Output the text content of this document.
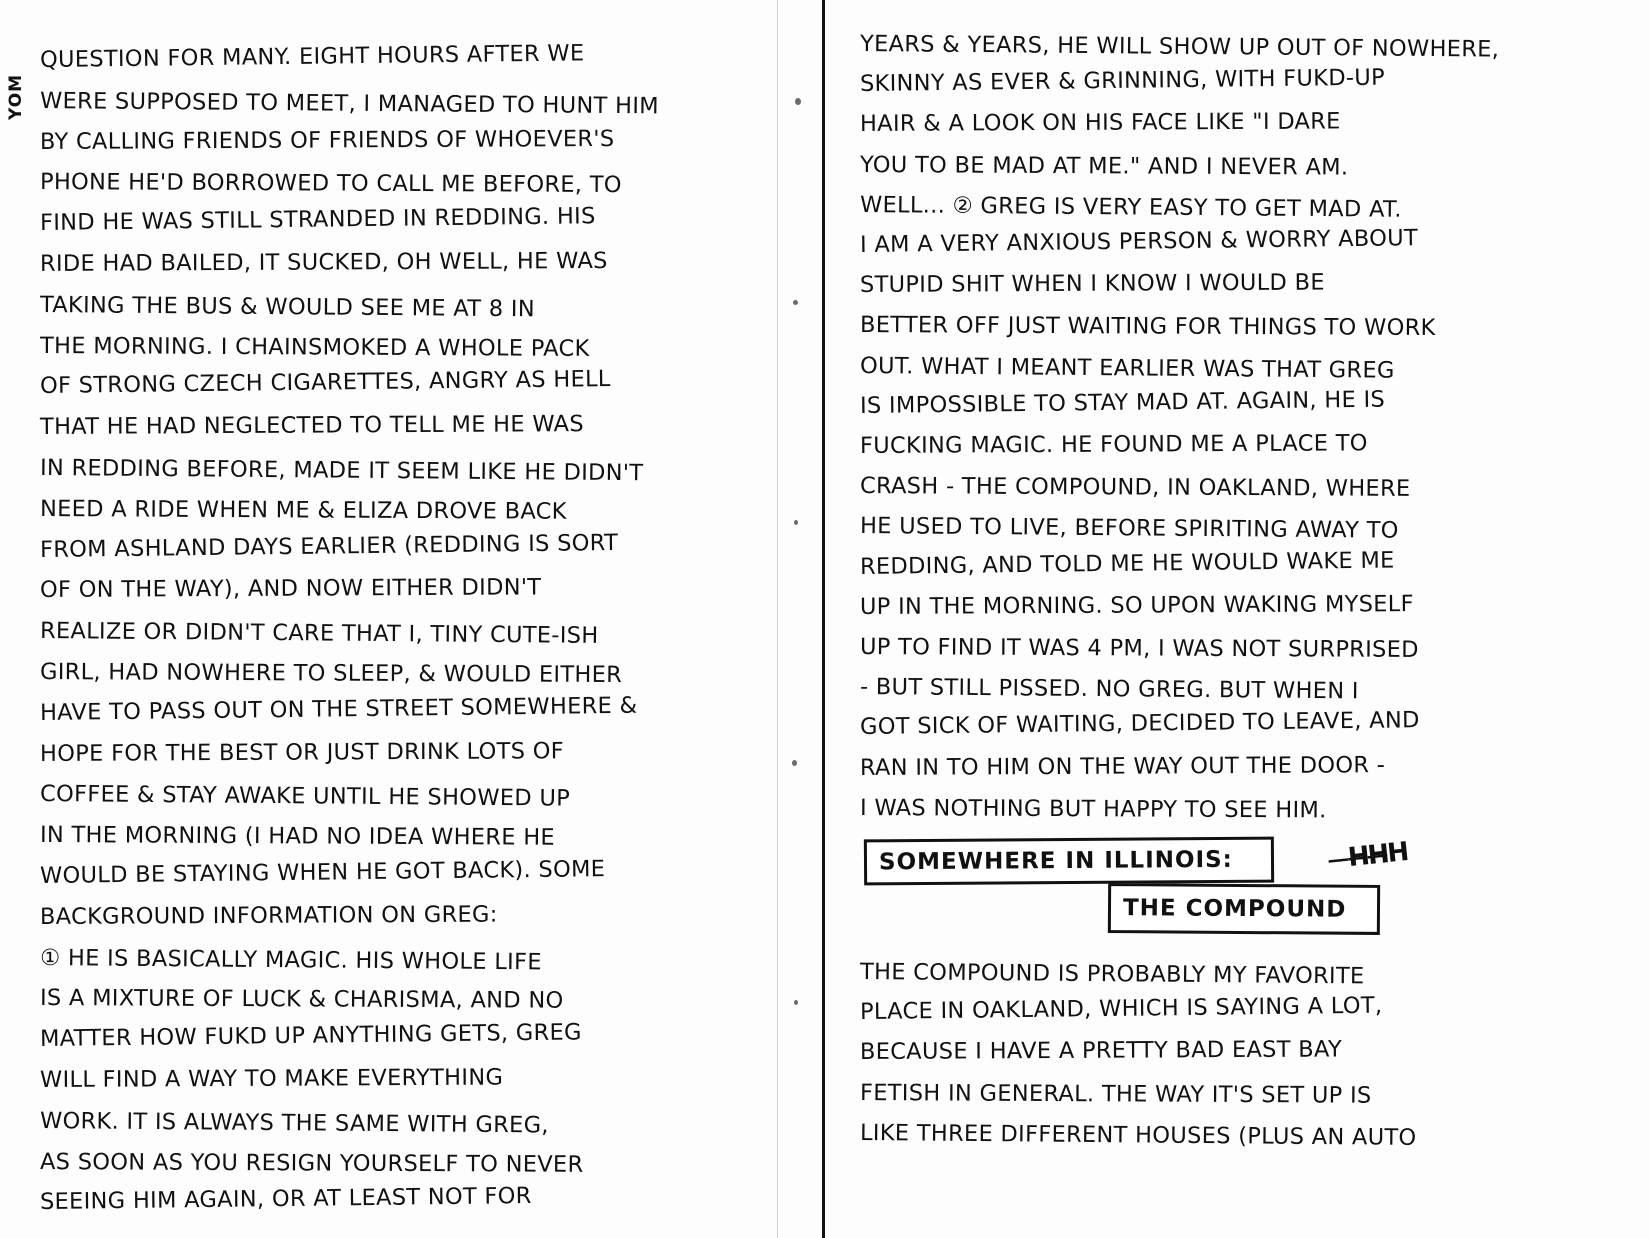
YOM
QUESTION FOR MANY. EIGHT HOURS AFTER WE
WERE SUPPOSED TO MEET, I MANAGED TO HUNT HIM
BY CALLING FRIENDS OF FRIENDS OF WHOEVER'S
PHONE HE'D BORROWED TO CALL ME BEFORE, TO
FIND HE WAS STILL STRANDED IN REDDING. HIS
RIDE HAD BAILED, IT SUCKED, OH WELL, HE WAS
TAKING THE BUS & WOULD SEE ME AT 8 IN
THE MORNING. I CHAINSMOKED A WHOLE PACK
OF STRONG CZECH CIGARETTES, ANGRY AS HELL
THAT HE HAD NEGLECTED TO TELL ME HE WAS
IN REDDING BEFORE, MADE IT SEEM LIKE HE DIDN'T
NEED A RIDE WHEN ME & ELIZA DROVE BACK
FROM ASHLAND DAYS EARLIER (REDDING IS SORT
OF ON THE WAY), AND NOW EITHER DIDN'T
REALIZE OR DIDN'T CARE THAT I, TINY CUTE-ISH
GIRL, HAD NOWHERE TO SLEEP, & WOULD EITHER
HAVE TO PASS OUT ON THE STREET SOMEWHERE &
HOPE FOR THE BEST OR JUST DRINK LOTS OF
COFFEE & STAY AWAKE UNTIL HE SHOWED UP
IN THE MORNING (I HAD NO IDEA WHERE HE
WOULD BE STAYING WHEN HE GOT BACK). SOME
BACKGROUND INFORMATION ON GREG:
① HE IS BASICALLY MAGIC. HIS WHOLE LIFE
IS A MIXTURE OF LUCK & CHARISMA, AND NO
MATTER HOW FUKD UP ANYTHING GETS, GREG
WILL FIND A WAY TO MAKE EVERYTHING
WORK. IT IS ALWAYS THE SAME WITH GREG,
AS SOON AS YOU RESIGN YOURSELF TO NEVER
SEEING HIM AGAIN, OR AT LEAST NOT FOR
YEARS & YEARS, HE WILL SHOW UP OUT OF NOWHERE,
SKINNY AS EVER & GRINNING, WITH FUKD-UP
HAIR & A LOOK ON HIS FACE LIKE "I DARE
YOU TO BE MAD AT ME." AND I NEVER AM.
WELL... ② GREG IS VERY EASY TO GET MAD AT.
I AM A VERY ANXIOUS PERSON & WORRY ABOUT
STUPID SHIT WHEN I KNOW I WOULD BE
BETTER OFF JUST WAITING FOR THINGS TO WORK
OUT. WHAT I MEANT EARLIER WAS THAT GREG
IS IMPOSSIBLE TO STAY MAD AT. AGAIN, HE IS
FUCKING MAGIC. HE FOUND ME A PLACE TO
CRASH - THE COMPOUND, IN OAKLAND, WHERE
HE USED TO LIVE, BEFORE SPIRITING AWAY TO
REDDING, AND TOLD ME HE WOULD WAKE ME
UP IN THE MORNING. SO UPON WAKING MYSELF
UP TO FIND IT WAS 4 PM, I WAS NOT SURPRISED
- BUT STILL PISSED. NO GREG. BUT WHEN I
GOT SICK OF WAITING, DECIDED TO LEAVE, AND
RAN IN TO HIM ON THE WAY OUT THE DOOR -
I WAS NOTHING BUT HAPPY TO SEE HIM.
̶H̶H̶H
SOMEWHERE IN ILLINOIS:
THE COMPOUND
THE COMPOUND IS PROBABLY MY FAVORITE
PLACE IN OAKLAND, WHICH IS SAYING A LOT,
BECAUSE I HAVE A PRETTY BAD EAST BAY
FETISH IN GENERAL. THE WAY IT'S SET UP IS
LIKE THREE DIFFERENT HOUSES (PLUS AN AUTO
